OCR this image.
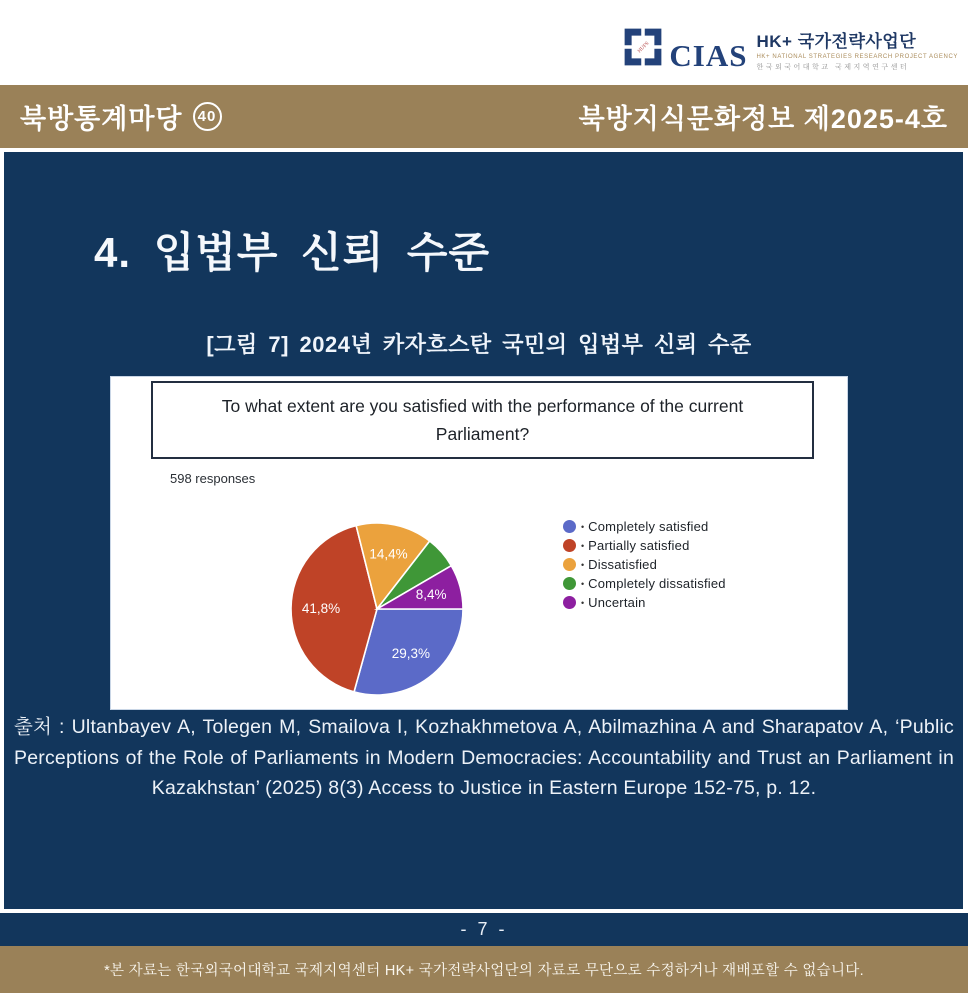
HUFS CIAS HK+ 국가전략사업단
HK+ NATIONAL STRATEGIES RESEARCH PROJECT AGENCY
한국외국어대학교 국제지역연구센터
북방통계마당	40	북방지식문화정보 제2025-4호
4. 입법부 신뢰 수준
[그림 7] 2024년 카자흐스탄 국민의 입법부 신뢰 수준
To what extent are you satisfied with the performance of the current Parliament?
598 responses
29,3%
41,8%
14,4%
8,4%
• Completely satisfied
• Partially satisfied
• Dissatisfied
• Completely dissatisfied
• Uncertain
출처 : Ultanbayev A, Tolegen M, Smailova I, Kozhakhmetova A, Abilmazhina A and Sharapatov A, ‘Public
Perceptions of the Role of Parliaments in Modern Democracies: Accountability and Trust an Parliament in
Kazakhstan’ (2025) 8(3) Access to Justice in Eastern Europe 152-75, p. 12.
- 7 -
*본 자료는 한국외국어대학교 국제지역센터 HK+ 국가전략사업단의 자료로 무단으로 수정하거나 재배포할 수 없습니다.
